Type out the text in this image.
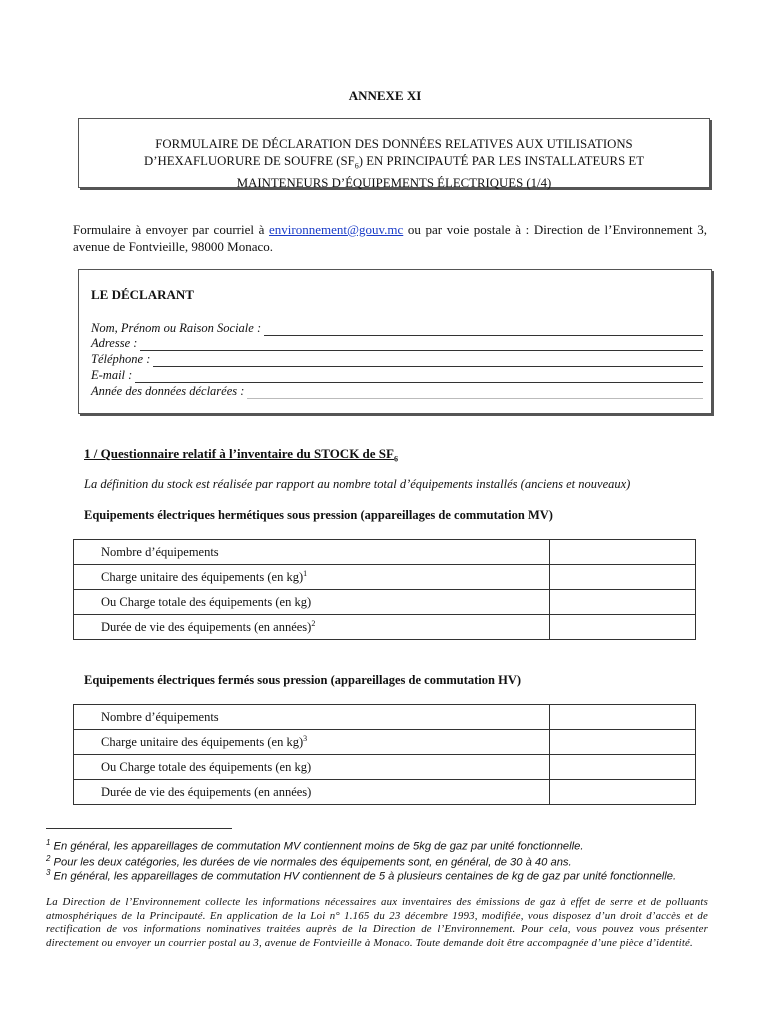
ANNEXE XI
FORMULAIRE DE DÉCLARATION DES DONNÉES RELATIVES AUX UTILISATIONS
D’HEXAFLUORURE DE SOUFRE $(SF_6)$ EN PRINCIPAUTÉ PAR LES INSTALLATEURS ET
MAINTENEURS D’ÉQUIPEMENTS ÉLECTRIQUES (1/4)
Formulaire à envoyer par courriel à environnement@gouv.mc ou par voie postale à : Direction de l’Environnement 3, avenue de Fontvieille, 98000 Monaco.
LE DÉCLARANT
Nom, Prénom ou Raison Sociale :
Adresse :
Téléphone :
E-mail :
Année des données déclarées :
1 / Questionnaire relatif à l’inventaire du STOCK de $SF_6$
La définition du stock est réalisée par rapport au nombre total d’équipements installés (anciens et nouveaux)
Equipements électriques hermétiques sous pression (appareillages de commutation MV)
Nombre d’équipements	
Charge unitaire des équipements (en kg)$^1$	
Ou Charge totale des équipements (en kg)	
Durée de vie des équipements (en années)$^2$	
Equipements électriques fermés sous pression (appareillages de commutation HV)
Nombre d’équipements	
Charge unitaire des équipements (en kg)$^3$	
Ou Charge totale des équipements (en kg)	
Durée de vie des équipements (en années)	
$^1$ En général, les appareillages de commutation MV contiennent moins de 5kg de gaz par unité fonctionnelle.
$^2$ Pour les deux catégories, les durées de vie normales des équipements sont, en général, de 30 à 40 ans.
$^3$ En général, les appareillages de commutation HV contiennent de 5 à plusieurs centaines de kg de gaz par unité fonctionnelle.
La Direction de l’Environnement collecte les informations nécessaires aux inventaires des émissions de gaz à effet de serre et de polluants atmosphériques de la Principauté. En application de la Loi n° 1.165 du 23 décembre 1993, modifiée, vous disposez d’un droit d’accès et de rectification de vos informations nominatives traitées auprès de la Direction de l’Environnement. Pour cela, vous pouvez vous présenter directement ou envoyer un courrier postal au 3, avenue de Fontvieille à Monaco. Toute demande doit être accompagnée d’une pièce d’identité.
